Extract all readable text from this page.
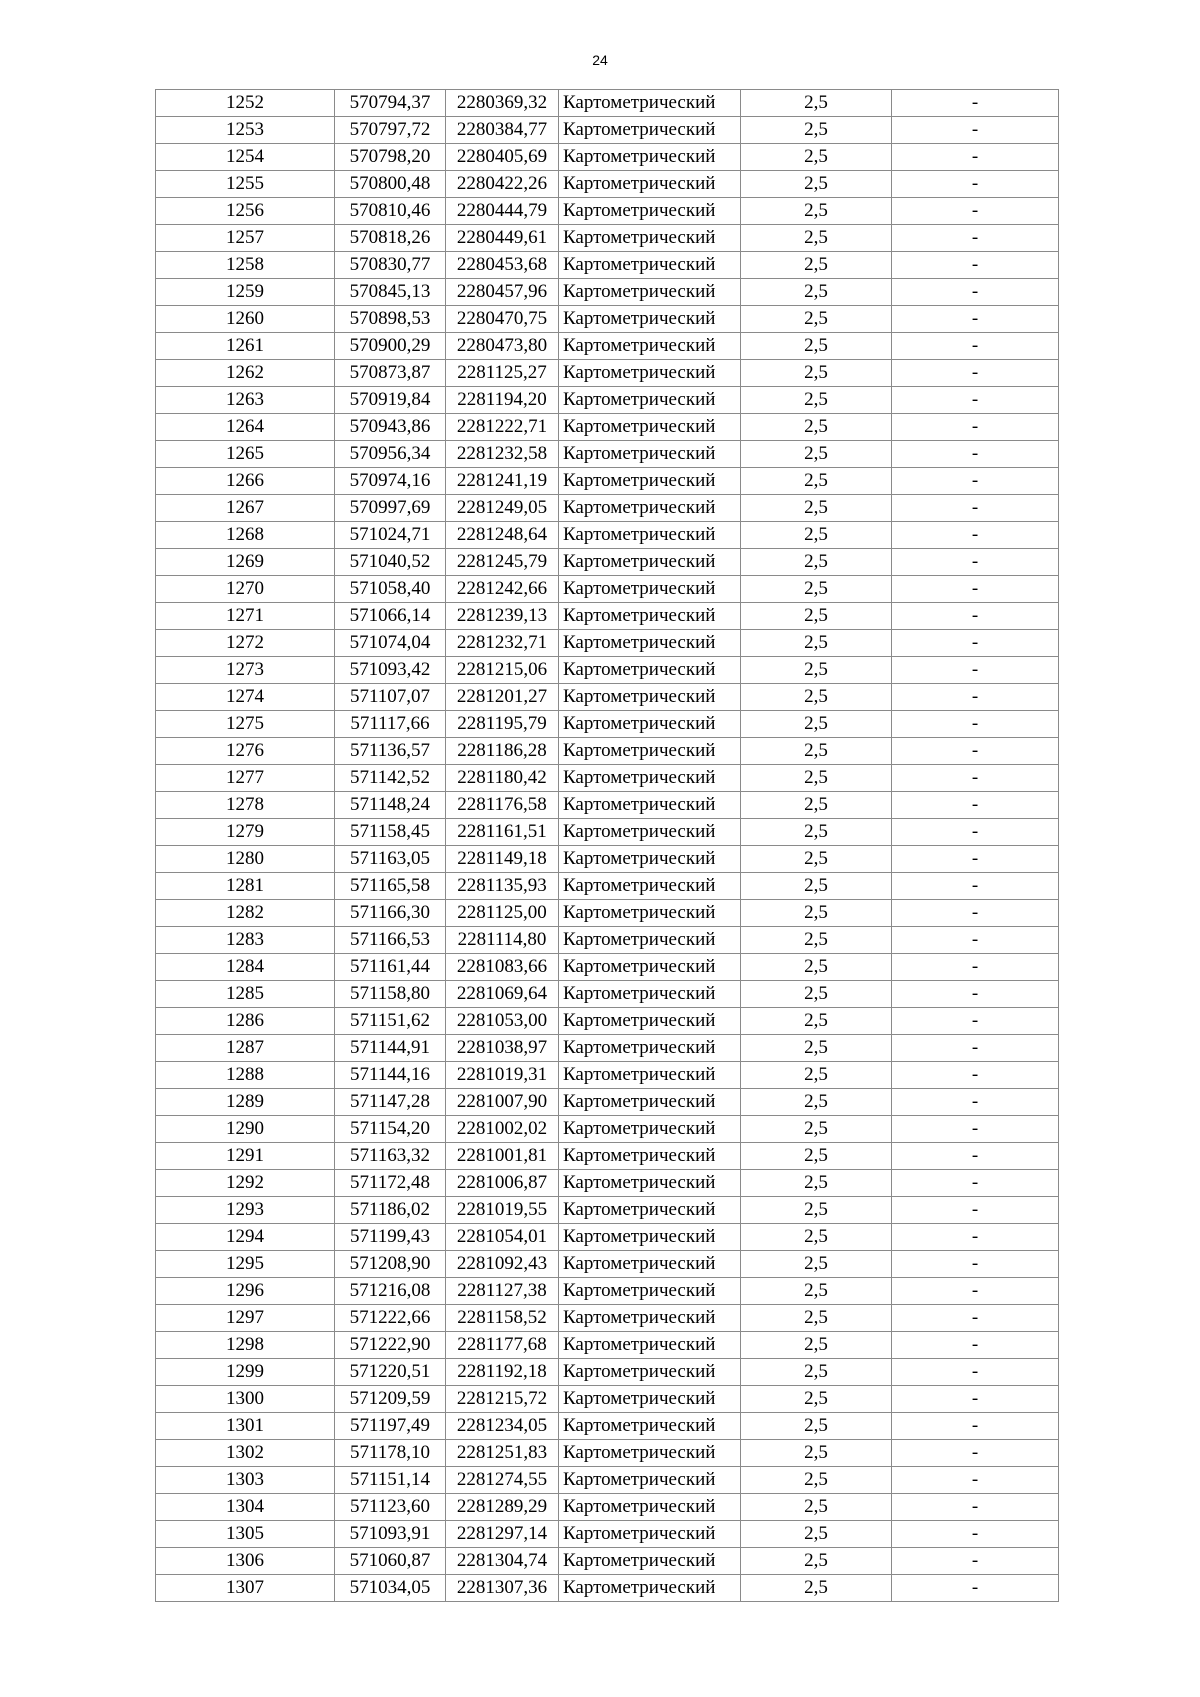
24
1252	570794,37	2280369,32	Картометрический	2,5	-
1253	570797,72	2280384,77	Картометрический	2,5	-
1254	570798,20	2280405,69	Картометрический	2,5	-
1255	570800,48	2280422,26	Картометрический	2,5	-
1256	570810,46	2280444,79	Картометрический	2,5	-
1257	570818,26	2280449,61	Картометрический	2,5	-
1258	570830,77	2280453,68	Картометрический	2,5	-
1259	570845,13	2280457,96	Картометрический	2,5	-
1260	570898,53	2280470,75	Картометрический	2,5	-
1261	570900,29	2280473,80	Картометрический	2,5	-
1262	570873,87	2281125,27	Картометрический	2,5	-
1263	570919,84	2281194,20	Картометрический	2,5	-
1264	570943,86	2281222,71	Картометрический	2,5	-
1265	570956,34	2281232,58	Картометрический	2,5	-
1266	570974,16	2281241,19	Картометрический	2,5	-
1267	570997,69	2281249,05	Картометрический	2,5	-
1268	571024,71	2281248,64	Картометрический	2,5	-
1269	571040,52	2281245,79	Картометрический	2,5	-
1270	571058,40	2281242,66	Картометрический	2,5	-
1271	571066,14	2281239,13	Картометрический	2,5	-
1272	571074,04	2281232,71	Картометрический	2,5	-
1273	571093,42	2281215,06	Картометрический	2,5	-
1274	571107,07	2281201,27	Картометрический	2,5	-
1275	571117,66	2281195,79	Картометрический	2,5	-
1276	571136,57	2281186,28	Картометрический	2,5	-
1277	571142,52	2281180,42	Картометрический	2,5	-
1278	571148,24	2281176,58	Картометрический	2,5	-
1279	571158,45	2281161,51	Картометрический	2,5	-
1280	571163,05	2281149,18	Картометрический	2,5	-
1281	571165,58	2281135,93	Картометрический	2,5	-
1282	571166,30	2281125,00	Картометрический	2,5	-
1283	571166,53	2281114,80	Картометрический	2,5	-
1284	571161,44	2281083,66	Картометрический	2,5	-
1285	571158,80	2281069,64	Картометрический	2,5	-
1286	571151,62	2281053,00	Картометрический	2,5	-
1287	571144,91	2281038,97	Картометрический	2,5	-
1288	571144,16	2281019,31	Картометрический	2,5	-
1289	571147,28	2281007,90	Картометрический	2,5	-
1290	571154,20	2281002,02	Картометрический	2,5	-
1291	571163,32	2281001,81	Картометрический	2,5	-
1292	571172,48	2281006,87	Картометрический	2,5	-
1293	571186,02	2281019,55	Картометрический	2,5	-
1294	571199,43	2281054,01	Картометрический	2,5	-
1295	571208,90	2281092,43	Картометрический	2,5	-
1296	571216,08	2281127,38	Картометрический	2,5	-
1297	571222,66	2281158,52	Картометрический	2,5	-
1298	571222,90	2281177,68	Картометрический	2,5	-
1299	571220,51	2281192,18	Картометрический	2,5	-
1300	571209,59	2281215,72	Картометрический	2,5	-
1301	571197,49	2281234,05	Картометрический	2,5	-
1302	571178,10	2281251,83	Картометрический	2,5	-
1303	571151,14	2281274,55	Картометрический	2,5	-
1304	571123,60	2281289,29	Картометрический	2,5	-
1305	571093,91	2281297,14	Картометрический	2,5	-
1306	571060,87	2281304,74	Картометрический	2,5	-
1307	571034,05	2281307,36	Картометрический	2,5	-
